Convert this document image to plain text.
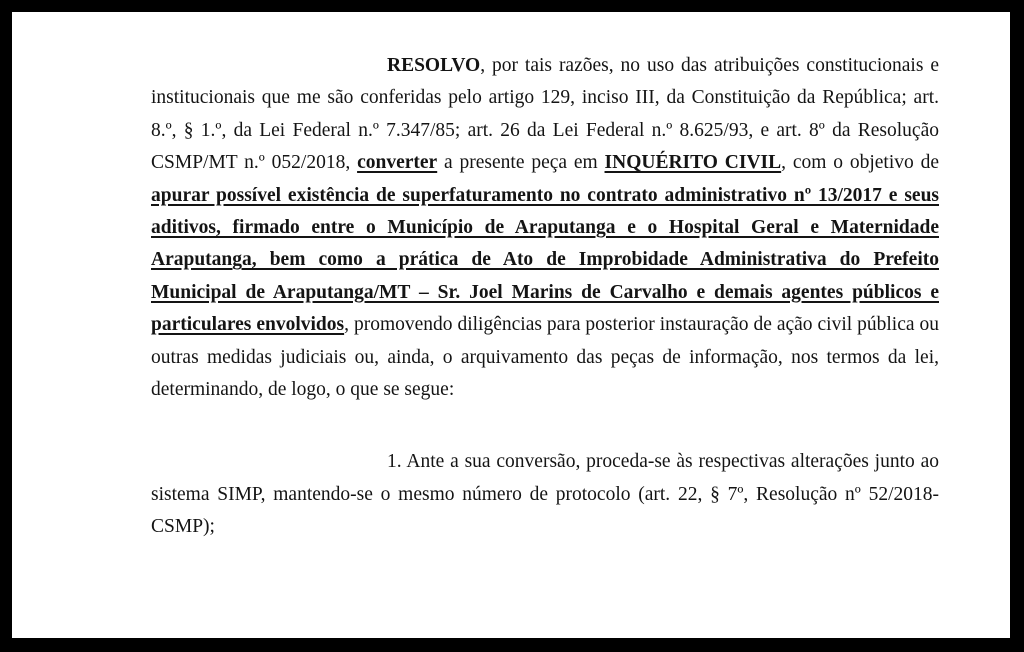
RESOLVO, por tais razões, no uso das atribuições constitucionais e institucionais que me são conferidas pelo artigo 129, inciso III, da Constituição da República; art. 8.º, § 1.º, da Lei Federal n.º 7.347/85; art. 26 da Lei Federal n.º 8.625/93, e art. 8º da Resolução CSMP/MT n.º 052/2018, converter a presente peça em INQUÉRITO CIVIL, com o objetivo de apurar possível existência de superfaturamento no contrato administrativo nº 13/2017 e seus aditivos, firmado entre o Município de Araputanga e o Hospital Geral e Maternidade Araputanga, bem como a prática de Ato de Improbidade Administrativa do Prefeito Municipal de Araputanga/MT – Sr. Joel Marins de Carvalho e demais agentes públicos e particulares envolvidos, promovendo diligências para posterior instauração de ação civil pública ou outras medidas judiciais ou, ainda, o arquivamento das peças de informação, nos termos da lei, determinando, de logo, o que se segue:

1. Ante a sua conversão, proceda-se às respectivas alterações junto ao sistema SIMP, mantendo-se o mesmo número de protocolo (art. 22, § 7º, Resolução nº 52/2018-CSMP);
